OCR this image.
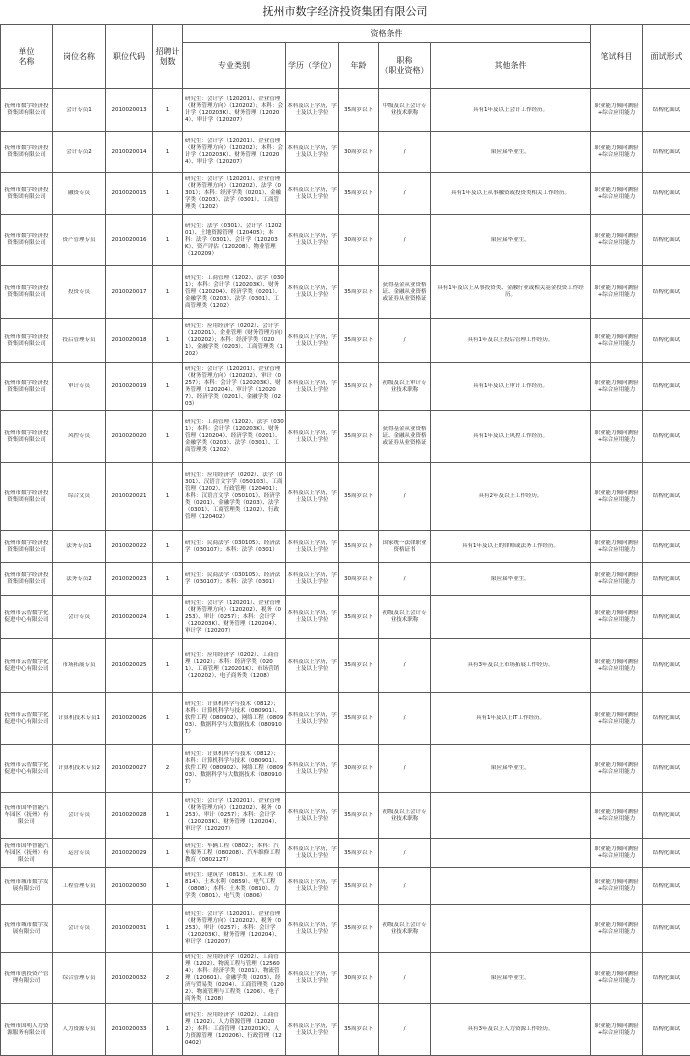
抚州市数字经济投资集团有限公司
单位名称	岗位名称	职位代码	招聘计划数	资格条件					笔试科目	面试形式
				专业类别	学历（学位）	年龄	职称（职业资格）	其他条件		

抚州市数字经济投资集团有限公司	会计专员1	2010020013	1	研究生：会计学（120201）、企业管理（财务管理方向）（120202）；本科：会计学（120203K）、财务管理（120204）、审计学（120207）	本科及以上学历，学士及以上学位	35周岁以下	中级及以上会计专业技术职称	具有1年及以上会计工作经历。	职业能力倾向测验+综合应用能力	结构化面试

抚州市数字经济投资集团有限公司	会计专员2	2010020014	1	研究生：会计学（120201）、企业管理（财务管理方向）（120202）；本科：会计学（120203K）、财务管理（120204）、审计学（120207）	本科及以上学历，学士及以上学位	30周岁以下	/	限应届毕业生。	职业能力倾向测验+综合应用能力	结构化面试

抚州市数字经济投资集团有限公司	融资专员	2010020015	1	研究生：会计学（120201）、企业管理（财务管理方向）（120202）、法学（0301）；本科：经济学类（0201）、金融学类（0203）、法学（0301）、工商管理类（1202）	本科及以上学历，学士及以上学位	35周岁以下	/	具有1年及以上从事融资或投资类相关工作经历。	职业能力倾向测验+综合应用能力	结构化面试

抚州市数字经济投资集团有限公司	资产管理专员	2010020016	1	研究生：法学（0301）、会计学（120201）、土地资源管理（120405）；本科：法学（0301）、会计学（120203K）、资产评估（120208）、物业管理（120209）	本科及以上学历，学士及以上学位	30周岁以下	/	限应届毕业生。	职业能力倾向测验+综合应用能力	结构化面试

抚州市数字经济投资集团有限公司	投资专员	2010020017	1	研究生：工商管理（1202）、法学（0301）；本科：会计学（120203K）、财务管理（120204）、经济学类（0201）、金融学类（0203）、法学（0301）、工商管理类（1202）	本科及以上学历，学士及以上学位	35周岁以下	获得基金从业资格证、金融从业资格或证券从业资格证	具有1年及以上从事投资类、金融行业或相关基金投资工作经历。	职业能力倾向测验+综合应用能力	结构化面试

抚州市数字经济投资集团有限公司	投后管理专员	2010020018	1	研究生：应用经济学（0202）、会计学（120201）、企业管理（财务管理方向）（120202）；本科：经济学类（0201）、金融学类（0203）、工商管理类（1202）	本科及以上学历，学士及以上学位	35周岁以下	/	具有1年及以上投后管理工作经历。	职业能力倾向测验+综合应用能力	结构化面试

抚州市数字经济投资集团有限公司	审计专员	2010020019	1	研究生：会计学（120201）、企业管理（财务管理方向）（120202）、审计（0257）；本科：会计学（120203K）、财务管理（120204）、审计学（120207）、经济学类（0201）、金融学类（0203）	本科及以上学历，学士及以上学位	35周岁以下	初级及以上审计专业技术职称	具有1年及以上审计工作经历。	职业能力倾向测验+综合应用能力	结构化面试

抚州市数字经济投资集团有限公司	风控专员	2010020020	1	研究生：工商管理（1202）、法学（0301）；本科：会计学（120203K）、财务管理（120204）、经济学类（0201）、金融学类（0203）、法学（0301）、工商管理类（1202）	本科及以上学历，学士及以上学位	35周岁以下	获得基金从业资格证、金融从业资格或证券从业资格证	具有1年及以上风控工作经历。	职业能力倾向测验+综合应用能力	结构化面试

抚州市数字经济投资集团有限公司	综合文员	2010020021	1	研究生：应用经济学（0202）、法学（0301）、汉语言文字学（050103）、工商管理（1202）、行政管理（120401）；本科：汉语言文学（050101）、经济学类（0201）、金融学类（0203）、法学（0301）、工商管理类（1202）、行政管理（120402）	本科及以上学历，学士及以上学位	35周岁以下	/	具有2年及以上工作经历。	职业能力倾向测验+综合应用能力	结构化面试

抚州市数字经济投资集团有限公司	法务专员1	2010020022	1	研究生：民商法学（030105）、经济法学（030107）；本科：法学（0301）	本科及以上学历，学士及以上学位	35周岁以下	国家统一法律职业资格证书	具有1年及以上的律师或法务工作经历。	职业能力倾向测验+综合应用能力	结构化面试

抚州市数字经济投资集团有限公司	法务专员2	2010020023	1	研究生：民商法学（030105）、经济法学（030107）；本科：法学（0301）	本科及以上学历，学士及以上学位	30周岁以下	/	限应届毕业生。	职业能力倾向测验+综合应用能力	结构化面试

抚州市云智数字化促进中心有限公司	会计专员	2010020024	1	研究生：会计学（120201）、企业管理（财务管理方向）（120202）、税务（0253）、审计（0257）；本科：会计学（120203K）、财务管理（120204）、审计学（120207）	本科及以上学历，学士及以上学位	35周岁以下	初级及以上会计专业技术职称		职业能力倾向测验+综合应用能力	结构化面试

抚州市云智数字化促进中心有限公司	市场拓展专员	2010020025	1	研究生：应用经济学（0202）、工商管理（1202）；本科：经济学类（0201）、工商管理（120201K）、市场营销（120202）、电子商务类（1208）	本科及以上学历，学士及以上学位	35周岁以下	/	具有3年及以上市场拓展工作经历。	职业能力倾向测验+综合应用能力	结构化面试

抚州市云智数字化促进中心有限公司	计算机技术专员1	2010020026	1	研究生：计算机科学与技术（0812）；本科：计算机科学与技术（080901）、软件工程（080902）、网络工程（080903）、数据科学与大数据技术（080910T）	本科及以上学历，学士及以上学位	35周岁以下	/	具有1年及以上IT工作经历。	职业能力倾向测验+综合应用能力	结构化面试

抚州市云智数字化促进中心有限公司	计算机技术专员2	2010020027	2	研究生：计算机科学与技术（0812）；本科：计算机科学与技术（080901）、软件工程（080902）、网络工程（080903）、数据科学与大数据技术（080910T）	本科及以上学历，学士及以上学位	30周岁以下	/	限应届毕业生。	职业能力倾向测验+综合应用能力	结构化面试

抚州市国华智能汽车园区（抚州）有限公司	会计专员	2010020028	1	研究生：会计学（120201）、企业管理（财务管理方向）（120202）、税务（0253）、审计（0257）；本科：会计学（120203K）、财务管理（120204）、审计学（120207）	本科及以上学历，学士及以上学位	35周岁以下	初级及以上会计专业技术职称		职业能力倾向测验+综合应用能力	结构化面试

抚州市国华智能汽车园区（抚州）有限公司	运营专员	2010020029	1	研究生：车辆工程（0802）；本科：汽车服务工程（080208）、汽车维修工程教育（080212T）	本科及以上学历，学士及以上学位	35周岁以下	/		职业能力倾向测验+综合应用能力	结构化面试

抚州市城市数字发展有限公司	工程管理专员	2010020030	1	研究生：建筑学（0813）、土木工程（0814）、土木水利（0859）、电气工程（0808）；本科：土木类（0810）、力学类（0801）、电气类（0806）	本科及以上学历，学士及以上学位	35周岁以下	/		职业能力倾向测验+综合应用能力	结构化面试

抚州市城市数字发展有限公司	会计专员	2010020031	1	研究生：会计学（120201）、企业管理（财务管理方向）（120202）、税务（0253）、审计（0257）；本科：会计学（120203K）、财务管理（120204）、审计学（120207）	本科及以上学历，学士及以上学位	35周岁以下	初级及以上会计专业技术职称		职业能力倾向测验+综合应用能力	结构化面试

抚州市创投资产管理有限公司	综合管理专员	2010020032	2	研究生：应用经济学（0202）、工商管理（1202）、物流工程与管理（125604）；本科：经济学类（0201）、物流管理（120601）、金融学类（0203）、经济与贸易类（0204）、工商管理类（1202）、物流管理与工程类（1206）、电子商务类（1208）	本科及以上学历，学士及以上学位	30周岁以下	/	限应届毕业生。	职业能力倾向测验+综合应用能力	结构化面试

抚州市国明人力资源服务有限公司	人力资源专员	2010020033	1	研究生：应用经济学（0202）、工商管理（1202）、人力资源管理（120202）；本科：工商管理（120201K）、人力资源管理（120206）、行政管理（120402）	本科及以上学历，学士及以上学位	35周岁以下	/	具有3年及以上人力资源工作经历。	职业能力倾向测验+综合应用能力	结构化面试
